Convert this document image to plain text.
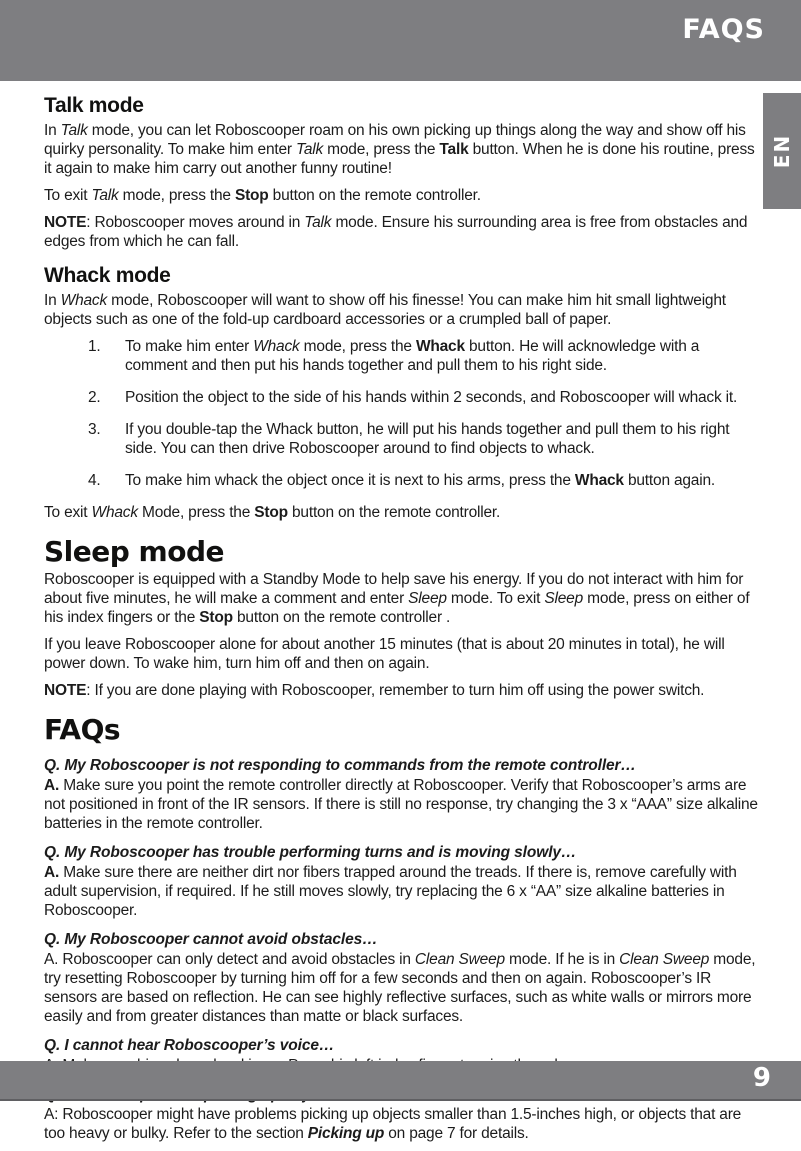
FAQS
EN
Talk mode

In Talk mode, you can let Roboscooper roam on his own picking up things along the way and show off his quirky personality. To make him enter Talk mode, press the Talk button. When he is done his routine, press it again to make him carry out another funny routine!

To exit Talk mode, press the Stop button on the remote controller.

NOTE: Roboscooper moves around in Talk mode. Ensure his surrounding area is free from obstacles and edges from which he can fall.

Whack mode

In Whack mode, Roboscooper will want to show off his finesse! You can make him hit small lightweight objects such as one of the fold-up cardboard accessories or a crumpled ball of paper.

1.	To make him enter Whack mode, press the Whack button. He will acknowledge with a comment and then put his hands together and pull them to his right side.
2.	Position the object to the side of his hands within 2 seconds, and Roboscooper will whack it.
3.	If you double-tap the Whack button, he will put his hands together and pull them to his right side. You can then drive Roboscooper around to find objects to whack.
4.	To make him whack the object once it is next to his arms, press the Whack button again.

To exit Whack Mode, press the Stop button on the remote controller.

Sleep mode

Roboscooper is equipped with a Standby Mode to help save his energy. If you do not interact with him for about five minutes, he will make a comment and enter Sleep mode. To exit Sleep mode, press on either of his index fingers or the Stop button on the remote controller .

If you leave Roboscooper alone for about another 15 minutes (that is about 20 minutes in total), he will power down. To wake him, turn him off and then on again.

NOTE: If you are done playing with Roboscooper, remember to turn him off using the power switch.

FAQs

Q. My Roboscooper is not responding to commands from the remote controller…

A. Make sure you point the remote controller directly at Roboscooper. Verify that Roboscooper’s arms are not positioned in front of the IR sensors. If there is still no response, try changing the 3 x “AAA” size alkaline batteries in the remote controller.

Q. My Roboscooper has trouble performing turns and is moving slowly…

A. Make sure there are neither dirt nor fibers trapped around the treads. If there is, remove carefully with adult supervision, if required. If he still moves slowly, try replacing the 6 x “AA” size alkaline batteries in Roboscooper.

Q. My Roboscooper cannot avoid obstacles…

A. Roboscooper can only detect and avoid obstacles in Clean Sweep mode. If he is in Clean Sweep mode, try resetting Roboscooper by turning him off for a few seconds and then on again. Roboscooper’s IR sensors are based on reflection. He can see highly reflective surfaces, such as white walls or mirrors more easily and from greater distances than matte or black surfaces.

Q. I cannot hear Roboscooper’s voice…

A: Roboscooper might have problems picking up objects smaller than 1.5-inches high, or objects that are too heavy or bulky. Refer to the section Picking up on page 7 for details.

9
